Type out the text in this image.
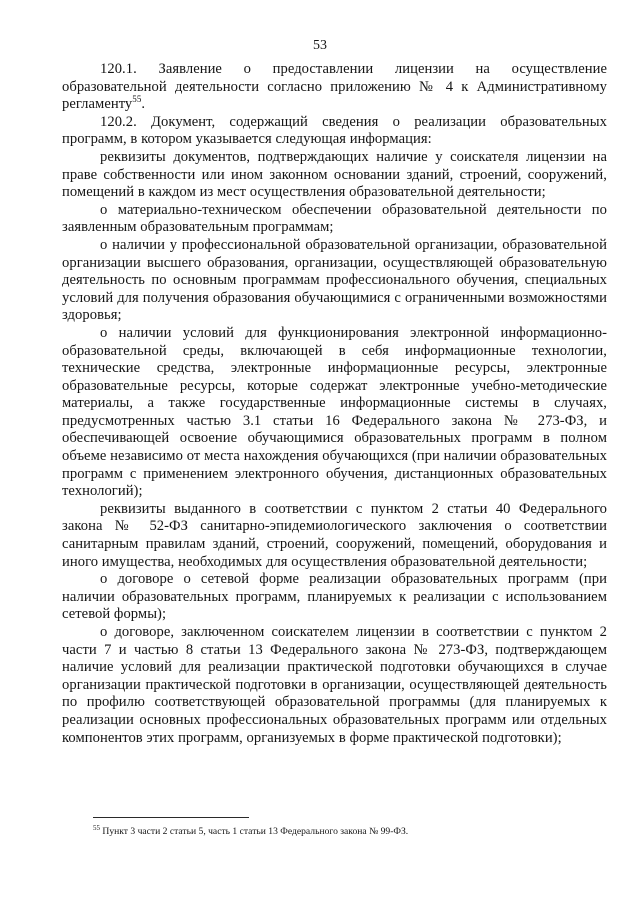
53

120.1. Заявление о предоставлении лицензии на осуществление образовательной деятельности согласно приложению № 4 к Административному регламенту$^{55}$.

120.2. Документ, содержащий сведения о реализации образовательных программ, в котором указывается следующая информация:

реквизиты документов, подтверждающих наличие у соискателя лицензии на праве собственности или ином законном основании зданий, строений, сооружений, помещений в каждом из мест осуществления образовательной деятельности;

о материально-техническом обеспечении образовательной деятельности по заявленным образовательным программам;

о наличии у профессиональной образовательной организации, образовательной организации высшего образования, организации, осуществляющей образовательную деятельность по основным программам профессионального обучения, специальных условий для получения образования обучающимися с ограниченными возможностями здоровья;

о наличии условий для функционирования электронной информационно-образовательной среды, включающей в себя информационные технологии, технические средства, электронные информационные ресурсы, электронные образовательные ресурсы, которые содержат электронные учебно-методические материалы, а также государственные информационные системы в случаях, предусмотренных частью 3.1 статьи 16 Федерального закона № 273-ФЗ, и обеспечивающей освоение обучающимися образовательных программ в полном объеме независимо от места нахождения обучающихся (при наличии образовательных программ с применением электронного обучения, дистанционных образовательных технологий);

реквизиты выданного в соответствии с пунктом 2 статьи 40 Федерального закона № 52-ФЗ санитарно-эпидемиологического заключения о соответствии санитарным правилам зданий, строений, сооружений, помещений, оборудования и иного имущества, необходимых для осуществления образовательной деятельности;

о договоре о сетевой форме реализации образовательных программ (при наличии образовательных программ, планируемых к реализации с использованием сетевой формы);

о договоре, заключенном соискателем лицензии в соответствии с пунктом 2 части 7 и частью 8 статьи 13 Федерального закона № 273-ФЗ, подтверждающем наличие условий для реализации практической подготовки обучающихся в случае организации практической подготовки в организации, осуществляющей деятельность по профилю соответствующей образовательной программы (для планируемых к реализации основных профессиональных образовательных программ или отдельных компонентов этих программ, организуемых в форме практической подготовки);

$^{55}$ Пункт 3 части 2 статьи 5, часть 1 статьи 13 Федерального закона № 99-ФЗ.
